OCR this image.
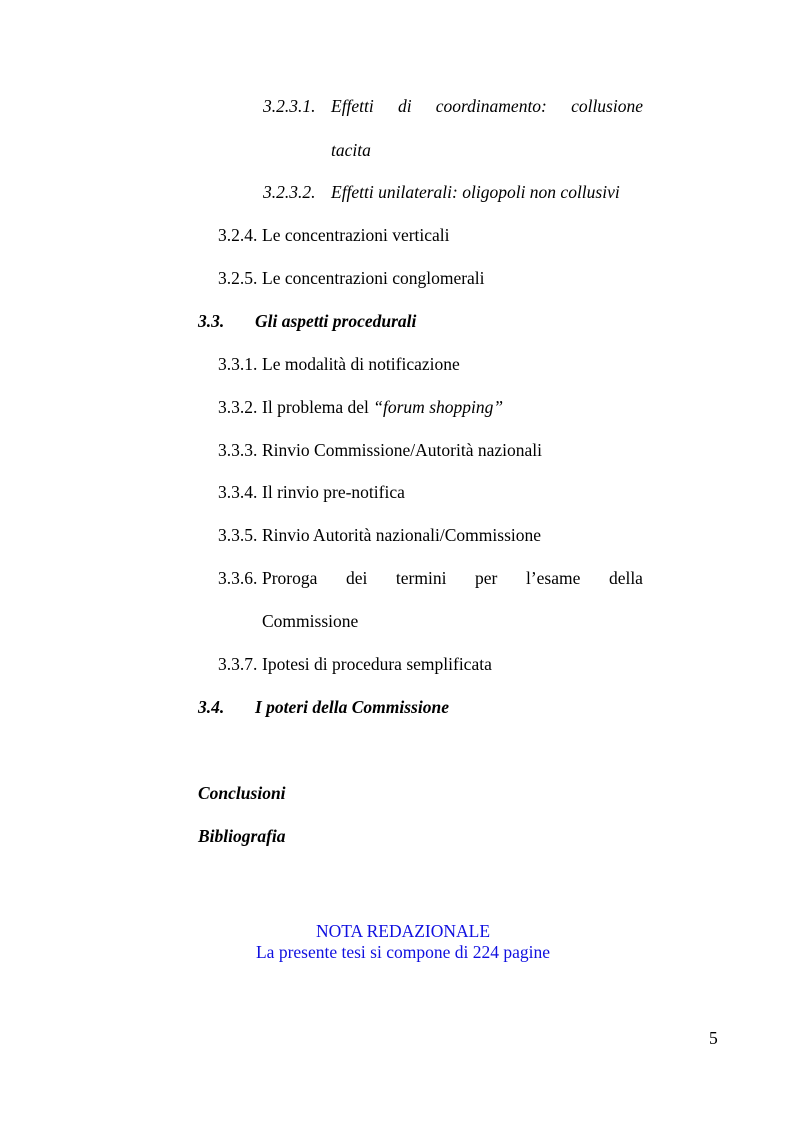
3.2.3.1. Effetti di coordinamento: collusione
tacita
3.2.3.2. Effetti unilaterali: oligopoli non collusivi
3.2.4. Le concentrazioni verticali
3.2.5. Le concentrazioni conglomerali
3.3. Gli aspetti procedurali
3.3.1. Le modalità di notificazione
3.3.2. Il problema del “forum shopping”
3.3.3. Rinvio Commissione/Autorità nazionali
3.3.4. Il rinvio pre-notifica
3.3.5. Rinvio Autorità nazionali/Commissione
3.3.6. Proroga dei termini per l’esame della
Commissione
3.3.7. Ipotesi di procedura semplificata
3.4. I poteri della Commissione
Conclusioni
Bibliografia
NOTA REDAZIONALE
La presente tesi si compone di 224 pagine
5
